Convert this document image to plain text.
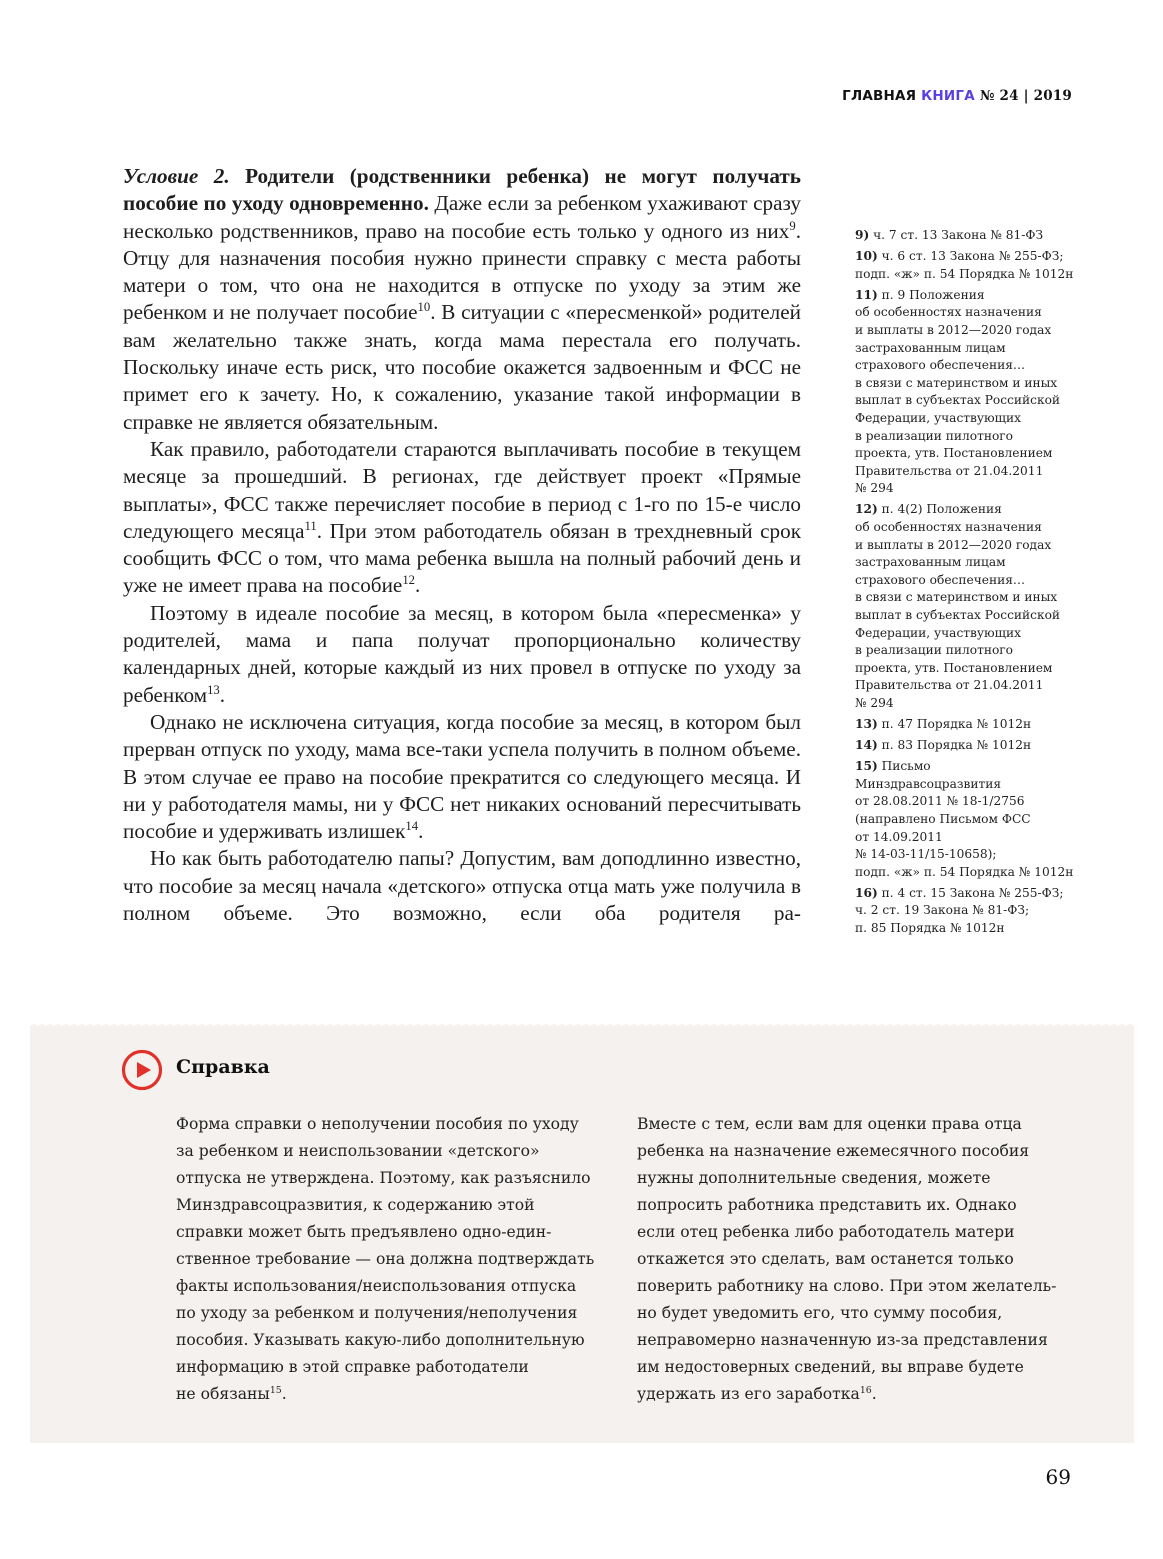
ГЛАВНАЯ КНИГА № 24 | 2019

Условие 2. Родители (родственники ребенка) не могут получать пособие по уходу одновременно. Даже если за ребенком ухаживают сразу несколько родственников, право на пособие есть только у одного из них$^9$. Отцу для назначения пособия нужно принести справку с места работы матери о том, что она не находится в отпуске по уходу за этим же ребенком и не получает пособие$^{10}$. В ситуации с «пересменкой» родителей вам желательно также знать, когда мама перестала его получать. Поскольку иначе есть риск, что пособие окажется задвоенным и ФСС не примет его к зачету. Но, к сожалению, указание такой информации в справке не является обязательным.

Как правило, работодатели стараются выплачивать пособие в текущем месяце за прошедший. В регионах, где действует проект «Прямые выплаты», ФСС также перечисляет пособие в период с 1-го по 15-е число следующего месяца$^{11}$. При этом работодатель обязан в трехдневный срок сообщить ФСС о том, что мама ребенка вышла на полный рабочий день и уже не имеет права на пособие$^{12}$.

Поэтому в идеале пособие за месяц, в котором была «пересменка» у родителей, мама и папа получат пропорционально количеству календарных дней, которые каждый из них провел в отпуске по уходу за ребенком$^{13}$.

Однако не исключена ситуация, когда пособие за месяц, в котором был прерван отпуск по уходу, мама все-таки успела получить в полном объеме. В этом случае ее право на пособие прекратится со следующего месяца. И ни у работодателя мамы, ни у ФСС нет никаких оснований пересчитывать пособие и удерживать излишек$^{14}$.

Но как быть работодателю папы? Допустим, вам доподлинно известно, что пособие за месяц начала «детского» отпуска отца мать уже получила в полном объеме. Это возможно, если оба родителя ра-

9) ч. 7 ст. 13 Закона № 81-ФЗ
10) ч. 6 ст. 13 Закона № 255-ФЗ;
подп. «ж» п. 54 Порядка № 1012н
11) п. 9 Положения
об особенностях назначения
и выплаты в 2012—2020 годах
застрахованным лицам
страхового обеспечения…
в связи с материнством и иных
выплат в субъектах Российской
Федерации, участвующих
в реализации пилотного
проекта, утв. Постановлением
Правительства от 21.04.2011
№ 294
12) п. 4(2) Положения
об особенностях назначения
и выплаты в 2012—2020 годах
застрахованным лицам
страхового обеспечения…
в связи с материнством и иных
выплат в субъектах Российской
Федерации, участвующих
в реализации пилотного
проекта, утв. Постановлением
Правительства от 21.04.2011
№ 294
13) п. 47 Порядка № 1012н
14) п. 83 Порядка № 1012н
15) Письмо
Минздравсоцразвития
от 28.08.2011 № 18-1/2756
(направлено Письмом ФСС
от 14.09.2011
№ 14-03-11/15-10658);
подп. «ж» п. 54 Порядка № 1012н
16) п. 4 ст. 15 Закона № 255-ФЗ;
ч. 2 ст. 19 Закона № 81-ФЗ;
п. 85 Порядка № 1012н
Справка
Форма справки о неполучении пособия по уходу
за ребенком и неиспользовании «детского»
отпуска не утверждена. Поэтому, как разъяснило
Минздравсоцразвития, к содержанию этой
справки может быть предъявлено одно-един-
ственное требование — она должна подтверждать
факты использования/неиспользования отпуска
по уходу за ребенком и получения/неполучения
пособия. Указывать какую-либо дополнительную
информацию в этой справке работодатели
не обязаны$^{15}$.
Вместе с тем, если вам для оценки права отца
ребенка на назначение ежемесячного пособия
нужны дополнительные сведения, можете
попросить работника представить их. Однако
если отец ребенка либо работодатель матери
откажется это сделать, вам останется только
поверить работнику на слово. При этом желатель-
но будет уведомить его, что сумму пособия,
неправомерно назначенную из-за представления
им недостоверных сведений, вы вправе будете
удержать из его заработка$^{16}$.
69
